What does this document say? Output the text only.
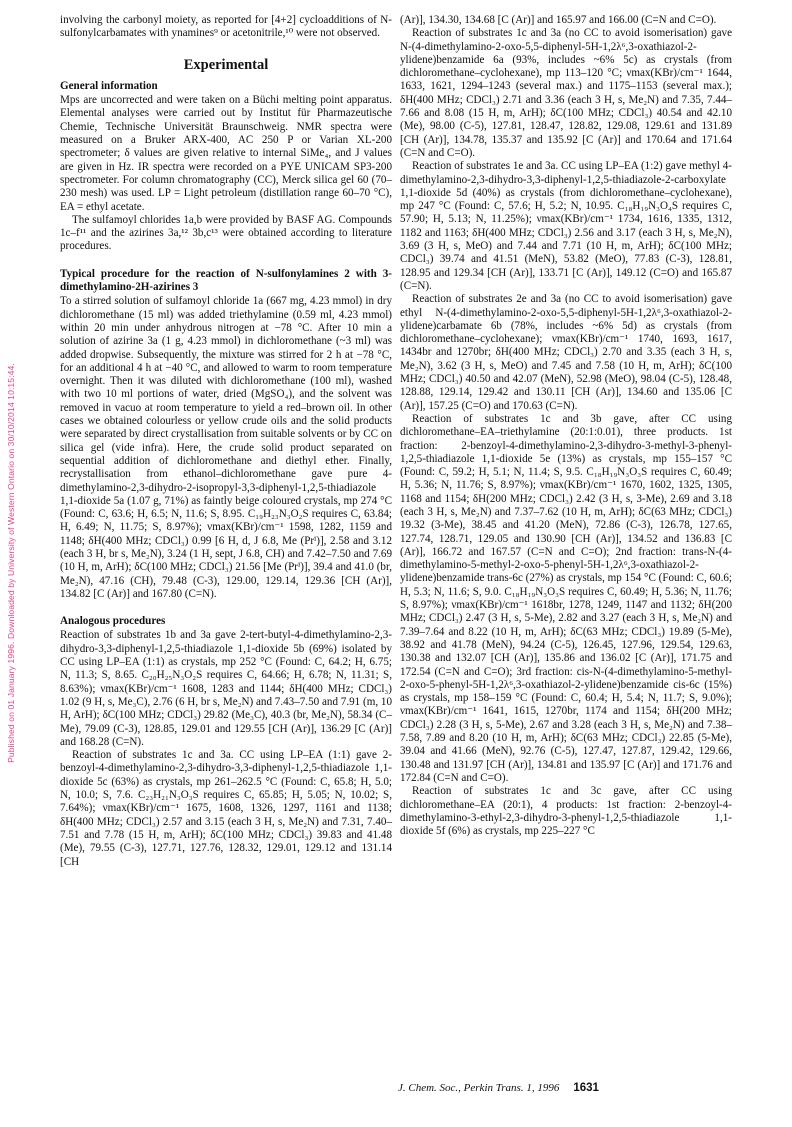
Published on 01 January 1996. Downloaded by University of Western Ontario on 30/10/2014 10:15:44.

involving the carbonyl moiety, as reported for [4+2] cycloadditions of N-sulfonylcarbamates with ynamines⁹ or acetonitrile,¹⁰ were not observed.

Experimental
General information

Mps are uncorrected and were taken on a Büchi melting point apparatus. Elemental analyses were carried out by Institut für Pharmazeutische Chemie, Technische Universität Braunschweig. NMR spectra were measured on a Bruker ARX-400, AC 250 P or Varian XL-200 spectrometer; δ values are given relative to internal SiMe₄, and J values are given in Hz. IR spectra were recorded on a PYE UNICAM SP3-200 spectrometer. For column chromatography (CC), Merck silica gel 60 (70–230 mesh) was used. LP = Light petroleum (distillation range 60–70 °C), EA = ethyl acetate.

The sulfamoyl chlorides 1a,b were provided by BASF AG. Compounds 1c–f¹¹ and the azirines 3a,¹² 3b,c¹³ were obtained according to literature procedures.

Typical procedure for the reaction of N-sulfonylamines 2 with 3-dimethylamino-2H-azirines 3

To a stirred solution of sulfamoyl chloride 1a (667 mg, 4.23 mmol) in dry dichloromethane (15 ml) was added triethylamine (0.59 ml, 4.23 mmol) within 20 min under anhydrous nitrogen at −78 °C. After 10 min a solution of azirine 3a (1 g, 4.23 mmol) in dichloromethane (~3 ml) was added dropwise. Subsequently, the mixture was stirred for 2 h at −78 °C, for an additional 4 h at −40 °C, and allowed to warm to room temperature overnight. Then it was diluted with dichloromethane (100 ml), washed with two 10 ml portions of water, dried (MgSO₄), and the solvent was removed in vacuo at room temperature to yield a red–brown oil. In other cases we obtained colourless or yellow crude oils and the solid products were separated by direct crystallisation from suitable solvents or by CC on silica gel (vide infra). Here, the crude solid product separated on sequential addition of dichloromethane and diethyl ether. Finally, recrystallisation from ethanol–dichloromethane gave pure 4-dimethylamino-2,3-dihydro-2-isopropyl-3,3-diphenyl-1,2,5-thiadiazole 1,1-dioxide 5a (1.07 g, 71%) as faintly beige coloured crystals, mp 274 °C (Found: C, 63.6; H, 6.5; N, 11.6; S, 8.95. C₁₉H₂₃N₃O₂S requires C, 63.84; H, 6.49; N, 11.75; S, 8.97%); νmax(KBr)/cm⁻¹ 1598, 1282, 1159 and 1148; δH(400 MHz; CDCl₃) 0.99 [6 H, d, J 6.8, Me (Prⁱ)], 2.58 and 3.12 (each 3 H, br s, Me₂N), 3.24 (1 H, sept, J 6.8, CH) and 7.42–7.50 and 7.69 (10 H, m, ArH); δC(100 MHz; CDCl₃) 21.56 [Me (Prⁱ)], 39.4 and 41.0 (br, Me₂N), 47.16 (CH), 79.48 (C-3), 129.00, 129.14, 129.36 [CH (Ar)], 134.82 [C (Ar)] and 167.80 (C=N).

Analogous procedures

Reaction of substrates 1b and 3a gave 2-tert-butyl-4-dimethylamino-2,3-dihydro-3,3-diphenyl-1,2,5-thiadiazole 1,1-dioxide 5b (69%) isolated by CC using LP–EA (1:1) as crystals, mp 252 °C (Found: C, 64.2; H, 6.75; N, 11.3; S, 8.65. C₂₀H₂₅N₃O₂S requires C, 64.66; H, 6.78; N, 11.31; S, 8.63%); νmax(KBr)/cm⁻¹ 1608, 1283 and 1144; δH(400 MHz; CDCl₃) 1.02 (9 H, s, Me₃C), 2.76 (6 H, br s, Me₂N) and 7.43–7.50 and 7.91 (m, 10 H, ArH); δC(100 MHz; CDCl₃) 29.82 (Me₃C), 40.3 (br, Me₂N), 58.34 (C–Me), 79.09 (C-3), 128.85, 129.01 and 129.55 [CH (Ar)], 136.29 [C (Ar)] and 168.28 (C=N).

Reaction of substrates 1c and 3a. CC using LP–EA (1:1) gave 2-benzoyl-4-dimethylamino-2,3-dihydro-3,3-diphenyl-1,2,5-thiadiazole 1,1-dioxide 5c (63%) as crystals, mp 261–262.5 °C (Found: C, 65.8; H, 5.0; N, 10.0; S, 7.6. C₂₃H₂₁N₃O₃S requires C, 65.85; H, 5.05; N, 10.02; S, 7.64%); νmax(KBr)/cm⁻¹ 1675, 1608, 1326, 1297, 1161 and 1138; δH(400 MHz; CDCl₃) 2.57 and 3.15 (each 3 H, s, Me₂N) and 7.31, 7.40–7.51 and 7.78 (15 H, m, ArH); δC(100 MHz; CDCl₃) 39.83 and 41.48 (Me), 79.55 (C-3), 127.71, 127.76, 128.32, 129.01, 129.12 and 131.14 [CH

(Ar)], 134.30, 134.68 [C (Ar)] and 165.97 and 166.00 (C=N and C=O).

Reaction of substrates 1c and 3a (no CC to avoid isomerisation) gave N-(4-dimethylamino-2-oxo-5,5-diphenyl-5H-1,2λ⁶,3-oxathiazol-2-ylidene)benzamide 6a (93%, includes ~6% 5c) as crystals (from dichloromethane–cyclohexane), mp 113–120 °C; νmax(KBr)/cm⁻¹ 1644, 1633, 1621, 1294–1243 (several max.) and 1175–1153 (several max.); δH(400 MHz; CDCl₃) 2.71 and 3.36 (each 3 H, s, Me₂N) and 7.35, 7.44–7.66 and 8.08 (15 H, m, ArH); δC(100 MHz; CDCl₃) 40.54 and 42.10 (Me), 98.00 (C-5), 127.81, 128.47, 128.82, 129.08, 129.61 and 131.89 [CH (Ar)], 134.78, 135.37 and 135.92 [C (Ar)] and 170.64 and 171.64 (C=N and C=O).

Reaction of substrates 1e and 3a. CC using LP–EA (1:2) gave methyl 4-dimethylamino-2,3-dihydro-3,3-diphenyl-1,2,5-thiadiazole-2-carboxylate 1,1-dioxide 5d (40%) as crystals (from dichloromethane–cyclohexane), mp 247 °C (Found: C, 57.6; H, 5.2; N, 10.95. C₁₈H₁₉N₃O₄S requires C, 57.90; H, 5.13; N, 11.25%); νmax(KBr)/cm⁻¹ 1734, 1616, 1335, 1312, 1182 and 1163; δH(400 MHz; CDCl₃) 2.56 and 3.17 (each 3 H, s, Me₂N), 3.69 (3 H, s, MeO) and 7.44 and 7.71 (10 H, m, ArH); δC(100 MHz; CDCl₃) 39.74 and 41.51 (MeN), 53.82 (MeO), 77.83 (C-3), 128.81, 128.95 and 129.34 [CH (Ar)], 133.71 [C (Ar)], 149.12 (C=O) and 165.87 (C=N).

Reaction of substrates 2e and 3a (no CC to avoid isomerisation) gave ethyl N-(4-dimethylamino-2-oxo-5,5-diphenyl-5H-1,2λ⁶,3-oxathiazol-2-ylidene)carbamate 6b (78%, includes ~6% 5d) as crystals (from dichloromethane–cyclohexane); νmax(KBr)/cm⁻¹ 1740, 1693, 1617, 1434br and 1270br; δH(400 MHz; CDCl₃) 2.70 and 3.35 (each 3 H, s, Me₂N), 3.62 (3 H, s, MeO) and 7.45 and 7.58 (10 H, m, ArH); δC(100 MHz; CDCl₃) 40.50 and 42.07 (MeN), 52.98 (MeO), 98.04 (C-5), 128.48, 128.88, 129.14, 129.42 and 130.11 [CH (Ar)], 134.60 and 135.06 [C (Ar)], 157.25 (C=O) and 170.63 (C=N).

Reaction of substrates 1c and 3b gave, after CC using dichloromethane–EA–triethylamine (20:1:0.01), three products. 1st fraction: 2-benzoyl-4-dimethylamino-2,3-dihydro-3-methyl-3-phenyl-1,2,5-thiadiazole 1,1-dioxide 5e (13%) as crystals, mp 155–157 °C (Found: C, 59.2; H, 5.1; N, 11.4; S, 9.5. C₁₈H₁₉N₃O₃S requires C, 60.49; H, 5.36; N, 11.76; S, 8.97%); νmax(KBr)/cm⁻¹ 1670, 1602, 1325, 1305, 1168 and 1154; δH(200 MHz; CDCl₃) 2.42 (3 H, s, 3-Me), 2.69 and 3.18 (each 3 H, s, Me₂N) and 7.37–7.62 (10 H, m, ArH); δC(63 MHz; CDCl₃) 19.32 (3-Me), 38.45 and 41.20 (MeN), 72.86 (C-3), 126.78, 127.65, 127.74, 128.71, 129.05 and 130.90 [CH (Ar)], 134.52 and 136.83 [C (Ar)], 166.72 and 167.57 (C=N and C=O); 2nd fraction: trans-N-(4-dimethylamino-5-methyl-2-oxo-5-phenyl-5H-1,2λ⁶,3-oxathiazol-2-ylidene)benzamide trans-6c (27%) as crystals, mp 154 °C (Found: C, 60.6; H, 5.3; N, 11.6; S, 9.0. C₁₈H₁₉N₃O₃S requires C, 60.49; H, 5.36; N, 11.76; S, 8.97%); νmax(KBr)/cm⁻¹ 1618br, 1278, 1249, 1147 and 1132; δH(200 MHz; CDCl₃) 2.47 (3 H, s, 5-Me), 2.82 and 3.27 (each 3 H, s, Me₂N) and 7.39–7.64 and 8.22 (10 H, m, ArH); δC(63 MHz; CDCl₃) 19.89 (5-Me), 38.92 and 41.78 (MeN), 94.24 (C-5), 126.45, 127.96, 129.54, 129.63, 130.38 and 132.07 [CH (Ar)], 135.86 and 136.02 [C (Ar)], 171.75 and 172.54 (C=N and C=O); 3rd fraction: cis-N-(4-dimethylamino-5-methyl-2-oxo-5-phenyl-5H-1,2λ⁶,3-oxathiazol-2-ylidene)benzamide cis-6c (15%) as crystals, mp 158–159 °C (Found: C, 60.4; H, 5.4; N, 11.7; S, 9.0%); νmax(KBr)/cm⁻¹ 1641, 1615, 1270br, 1174 and 1154; δH(200 MHz; CDCl₃) 2.28 (3 H, s, 5-Me), 2.67 and 3.28 (each 3 H, s, Me₂N) and 7.38–7.58, 7.89 and 8.20 (10 H, m, ArH); δC(63 MHz; CDCl₃) 22.85 (5-Me), 39.04 and 41.66 (MeN), 92.76 (C-5), 127.47, 127.87, 129.42, 129.66, 130.48 and 131.97 [CH (Ar)], 134.81 and 135.97 [C (Ar)] and 171.76 and 172.84 (C=N and C=O).

Reaction of substrates 1c and 3c gave, after CC using dichloromethane–EA (20:1), 4 products: 1st fraction: 2-benzoyl-4-dimethylamino-3-ethyl-2,3-dihydro-3-phenyl-1,2,5-thiadiazole 1,1-dioxide 5f (6%) as crystals, mp 225–227 °C

J. Chem. Soc., Perkin Trans. 1, 1996 1631
